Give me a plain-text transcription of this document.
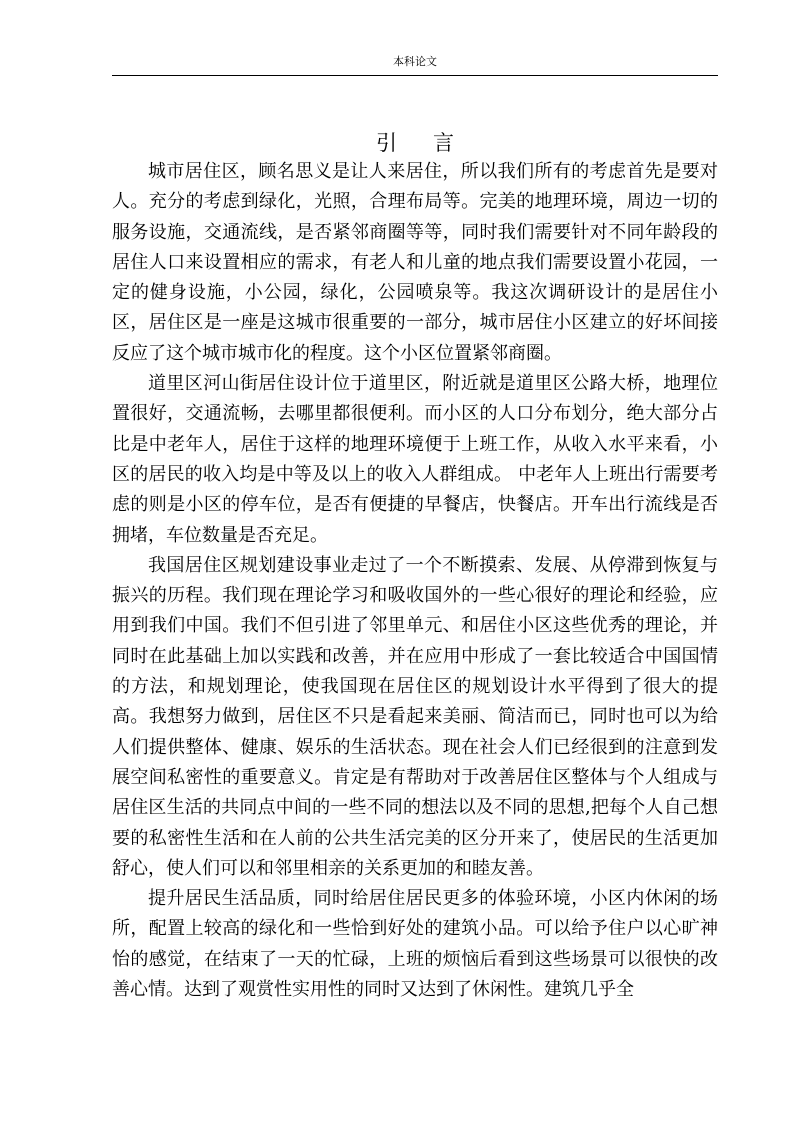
本科论文
引 言

城市居住区，顾名思义是让人来居住，所以我们所有的考虑首先是要对人。充分的考虑到绿化，光照，合理布局等。完美的地理环境，周边一切的服务设施，交通流线，是否紧邻商圈等等，同时我们需要针对不同年龄段的居住人口来设置相应的需求，有老人和儿童的地点我们需要设置小花园，一定的健身设施，小公园，绿化，公园喷泉等。我这次调研设计的是居住小区，居住区是一座是这城市很重要的一部分，城市居住小区建立的好坏间接反应了这个城市城市化的程度。这个小区位置紧邻商圈。

道里区河山街居住设计位于道里区，附近就是道里区公路大桥，地理位置很好，交通流畅，去哪里都很便利。而小区的人口分布划分，绝大部分占比是中老年人，居住于这样的地理环境便于上班工作，从收入水平来看，小区的居民的收入均是中等及以上的收入人群组成。 中老年人上班出行需要考虑的则是小区的停车位，是否有便捷的早餐店，快餐店。开车出行流线是否拥堵，车位数量是否充足。

我国居住区规划建设事业走过了一个不断摸索、发展、从停滞到恢复与振兴的历程。我们现在理论学习和吸收国外的一些心很好的理论和经验，应用到我们中国。我们不但引进了邻里单元、和居住小区这些优秀的理论，并同时在此基础上加以实践和改善，并在应用中形成了一套比较适合中国国情的方法，和规划理论，使我国现在居住区的规划设计水平得到了很大的提高。我想努力做到，居住区不只是看起来美丽、简洁而已，同时也可以为给人们提供整体、健康、娱乐的生活状态。现在社会人们已经很到的注意到发展空间私密性的重要意义。肯定是有帮助对于改善居住区整体与个人组成与居住区生活的共同点中间的一些不同的想法以及不同的思想,把每个人自己想要的私密性生活和在人前的公共生活完美的区分开来了，使居民的生活更加舒心，使人们可以和邻里相亲的关系更加的和睦友善。

提升居民生活品质，同时给居住居民更多的体验环境，小区内休闲的场所，配置上较高的绿化和一些恰到好处的建筑小品。可以给予住户以心旷神怡的感觉，在结束了一天的忙碌，上班的烦恼后看到这些场景可以很快的改善心情。达到了观赏性实用性的同时又达到了休闲性。建筑几乎全
